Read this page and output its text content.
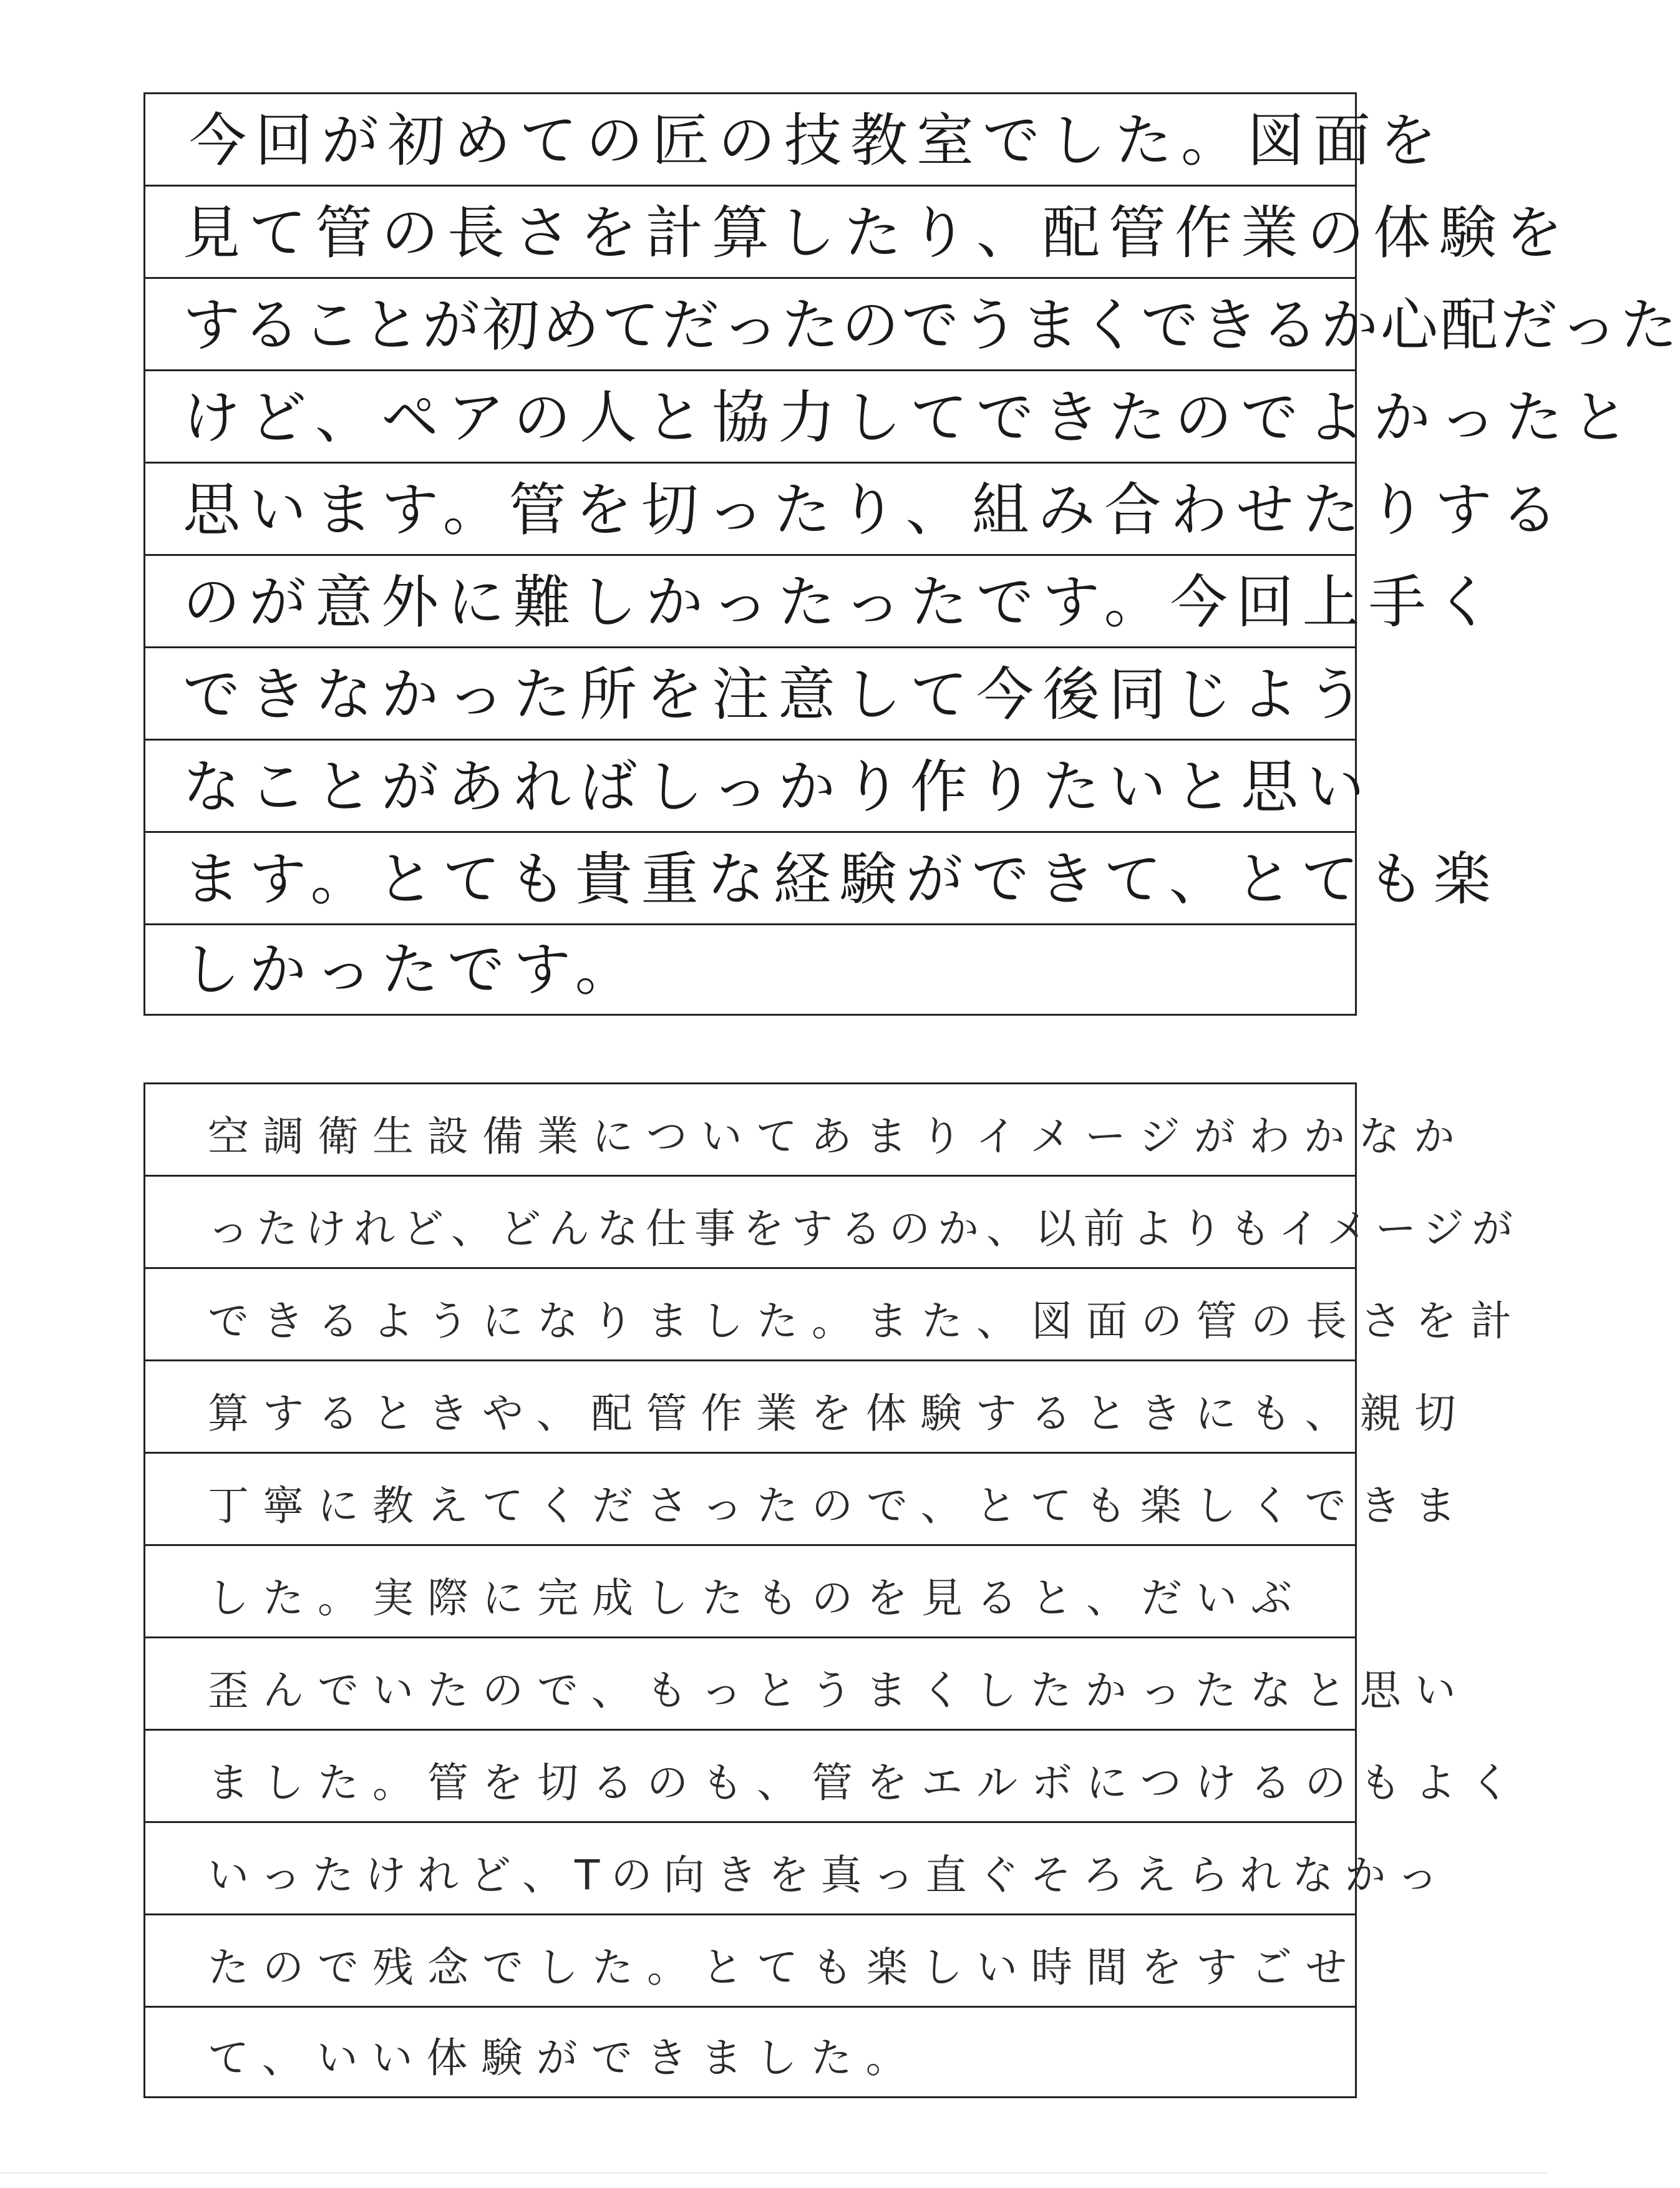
今回が初めての匠の技教室でした。図面を
見て管の長さを計算したり、配管作業の体験を
することが初めてだったのでうまくできるか心配だった
けど、ペアの人と協力してできたのでよかったと
思います。管を切ったり、組み合わせたりする
のが意外に難しかったったです。今回上手く
できなかった所を注意して今後同じよう
なことがあればしっかり作りたいと思い
ます。とても貴重な経験ができて、とても楽
しかったです。
空調衛生設備業についてあまりイメージがわかなか
ったけれど、どんな仕事をするのか、以前よりもイメージが
できるようになりました。また、図面の管の長さを計
算するときや、配管作業を体験するときにも、親切
丁寧に教えてくださったので、とても楽しくできま
した。実際に完成したものを見ると、だいぶ
歪んでいたので、もっとうまくしたかったなと思い
ました。管を切るのも、管をエルボにつけるのもよく
いったけれど、Tの向きを真っ直ぐそろえられなかっ
たので残念でした。とても楽しい時間をすごせ
て、いい体験ができました。
